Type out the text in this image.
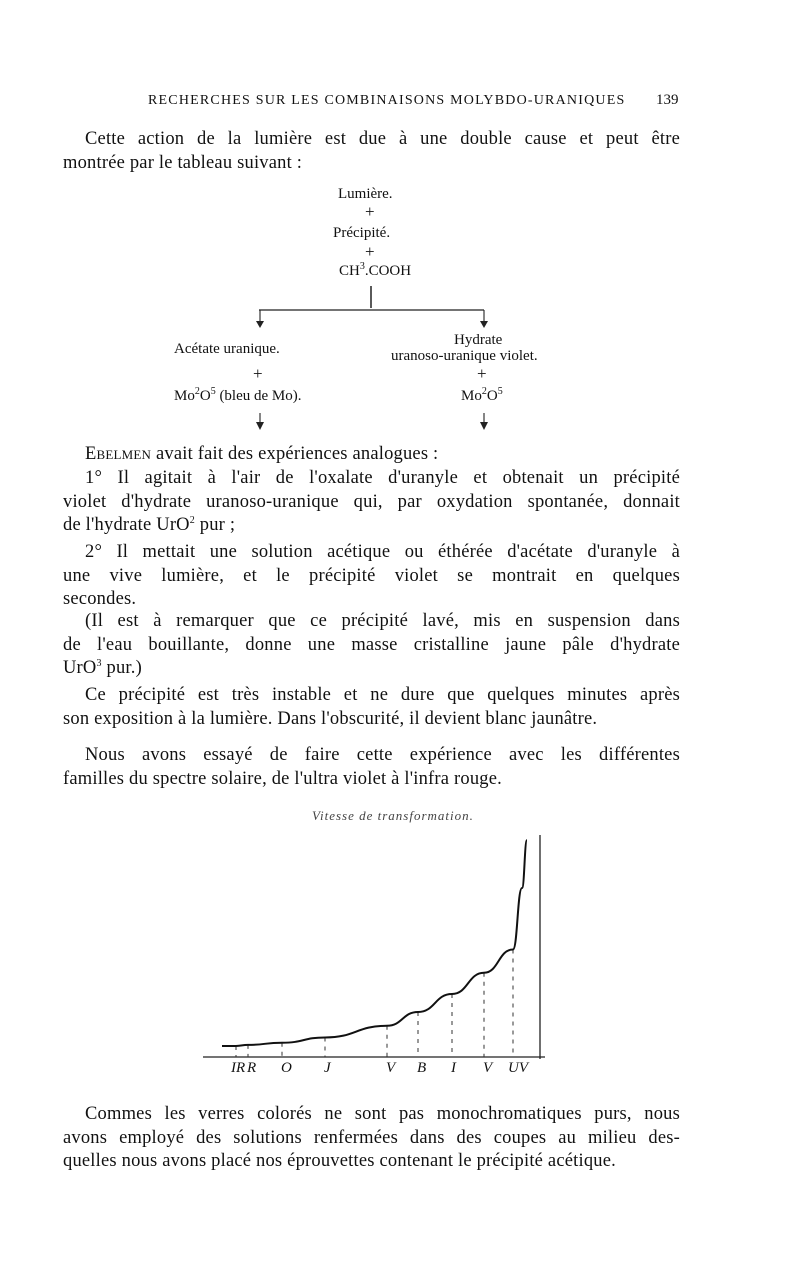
RECHERCHES SUR LES COMBINAISONS MOLYBDO-URANIQUES 139
Cette action de la lumière est due à une double cause et peut être
montrée par le tableau suivant :
Lumière.
+
Précipité.
+
$CH^3.COOH$
Acétate uranique.
Hydrate
uranoso-uranique violet.
+	+
$Mo^2O^5$ (bleu de Mo).	$Mo^2O^5$
Ebelmen avait fait des expériences analogues :
1° Il agitait à l'air de l'oxalate d'uranyle et obtenait un précipité
violet d'hydrate uranoso-uranique qui, par oxydation spontanée, donnait
de l'hydrate UrO$^2$ pur ;
2° Il mettait une solution acétique ou éthérée d'acétate d'uranyle à
une vive lumière, et le précipité violet se montrait en quelques
secondes.
(Il est à remarquer que ce précipité lavé, mis en suspension dans
de l'eau bouillante, donne une masse cristalline jaune pâle d'hydrate
UrO$^3$ pur.)
Ce précipité est très instable et ne dure que quelques minutes après
son exposition à la lumière. Dans l'obscurité, il devient blanc jaunâtre.
Nous avons essayé de faire cette expérience avec les différentes
familles du spectre solaire, de l'ultra violet à l'infra rouge.
Vitesse de transformation.
IR R O J	V B I V UV
Commes les verres colorés ne sont pas monochromatiques purs, nous
avons employé des solutions renfermées dans des coupes au milieu des-
quelles nous avons placé nos éprouvettes contenant le précipité acétique.
